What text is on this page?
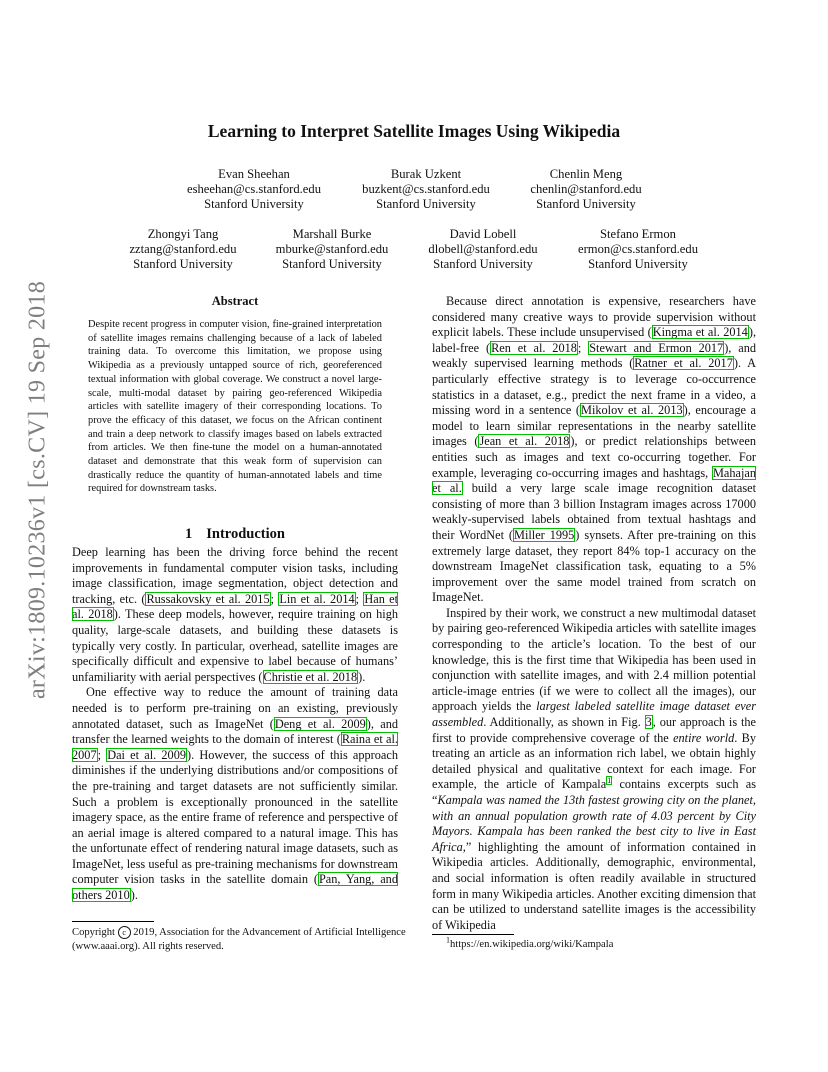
arXiv:1809.10236v1 [cs.CV] 19 Sep 2018
Learning to Interpret Satellite Images Using Wikipedia
Evan Sheehan
esheehan@cs.stanford.edu
Stanford University
Burak Uzkent
buzkent@cs.stanford.edu
Stanford University
Chenlin Meng
chenlin@stanford.edu
Stanford University
Zhongyi Tang
zztang@stanford.edu
Stanford University
Marshall Burke
mburke@stanford.edu
Stanford University
David Lobell
dlobell@stanford.edu
Stanford University
Stefano Ermon
ermon@cs.stanford.edu
Stanford University
Abstract
Despite recent progress in computer vision, fine-grained interpretation of satellite images remains challenging because of a lack of labeled training data. To overcome this limitation, we propose using Wikipedia as a previously untapped source of rich, georeferenced textual information with global coverage. We construct a novel large-scale, multi-modal dataset by pairing geo-referenced Wikipedia articles with satellite imagery of their corresponding locations. To prove the efficacy of this dataset, we focus on the African continent and train a deep network to classify images based on labels extracted from articles. We then fine-tune the model on a human-annotated dataset and demonstrate that this weak form of supervision can drastically reduce the quantity of human-annotated labels and time required for downstream tasks.
1 Introduction

Deep learning has been the driving force behind the recent improvements in fundamental computer vision tasks, including image classification, image segmentation, object detection and tracking, etc. (Russakovsky et al. 2015; Lin et al. 2014; Han et al. 2018). These deep models, however, require training on high quality, large-scale datasets, and building these datasets is typically very costly. In particular, overhead, satellite images are specifically difficult and expensive to label because of humans’ unfamiliarity with aerial perspectives (Christie et al. 2018).

One effective way to reduce the amount of training data needed is to perform pre-training on an existing, previously annotated dataset, such as ImageNet (Deng et al. 2009), and transfer the learned weights to the domain of interest (Raina et al. 2007; Dai et al. 2009). However, the success of this approach diminishes if the underlying distributions and/or compositions of the pre-training and target datasets are not sufficiently similar. Such a problem is exceptionally pronounced in the satellite imagery space, as the entire frame of reference and perspective of an aerial image is altered compared to a natural image. This has the unfortunate effect of rendering natural image datasets, such as ImageNet, less useful as pre-training mechanisms for downstream computer vision tasks in the satellite domain (Pan, Yang, and others 2010).

Because direct annotation is expensive, researchers have considered many creative ways to provide supervision without explicit labels. These include unsupervised (Kingma et al. 2014), label-free (Ren et al. 2018; Stewart and Ermon 2017), and weakly supervised learning methods (Ratner et al. 2017). A particularly effective strategy is to leverage co-occurrence statistics in a dataset, e.g., predict the next frame in a video, a missing word in a sentence (Mikolov et al. 2013), encourage a model to learn similar representations in the nearby satellite images (Jean et al. 2018), or predict relationships between entities such as images and text co-occurring together. For example, leveraging co-occurring images and hashtags, Mahajan et al. build a very large scale image recognition dataset consisting of more than 3 billion Instagram images across 17000 weakly-supervised labels obtained from textual hashtags and their WordNet (Miller 1995) synsets. After pre-training on this extremely large dataset, they report 84% top-1 accuracy on the downstream ImageNet classification task, equating to a 5% improvement over the same model trained from scratch on ImageNet.

Inspired by their work, we construct a new multimodal dataset by pairing geo-referenced Wikipedia articles with satellite images corresponding to the article’s location. To the best of our knowledge, this is the first time that Wikipedia has been used in conjunction with satellite images, and with 2.4 million potential article-image entries (if we were to collect all the images), our approach yields the largest labeled satellite image dataset ever assembled. Additionally, as shown in Fig. 3, our approach is the first to provide comprehensive coverage of the entire world. By treating an article as an information rich label, we obtain highly detailed physical and qualitative context for each image. For example, the article of Kampala$^1$ contains excerpts such as “Kampala was named the 13th fastest growing city on the planet, with an annual population growth rate of 4.03 percent by City Mayors. Kampala has been ranked the best city to live in East Africa,” highlighting the amount of information contained in Wikipedia articles. Additionally, demographic, environmental, and social information is often readily available in structured form in many Wikipedia articles. Another exciting dimension that can be utilized to understand satellite images is the accessibility of Wikipedia

Copyright c 2019, Association for the Advancement of Artificial Intelligence (www.aaai.org). All rights reserved.
$^1$https://en.wikipedia.org/wiki/Kampala
